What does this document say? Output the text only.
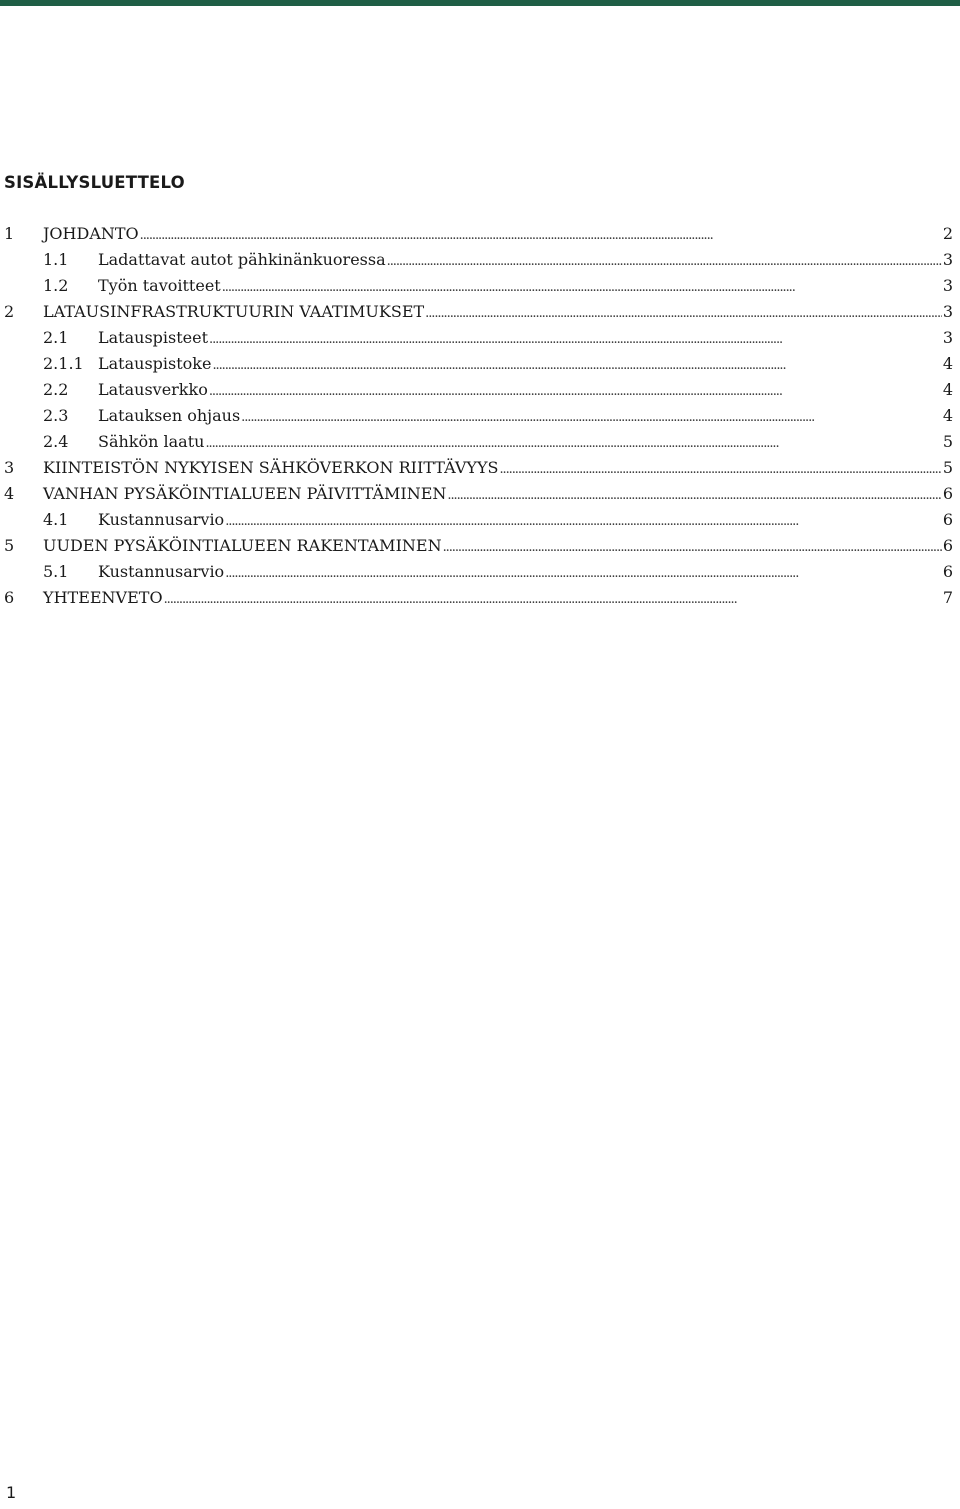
SISÄLLYSLUETTELO
1 JOHDANTO . . .	2
1.1 Ladattavat autot pähkinänkuoressa . . .	3
1.2 Työn tavoitteet . . .	3
2 LATAUSINFRASTRUKTUURIN VAATIMUKSET . . .	3
2.1 Latauspisteet . . .	3
2.1.1 Latauspistoke . . .	4
2.2 Latausverkko . . .	4
2.3 Latauksen ohjaus . . .	4
2.4 Sähkön laatu . . .	5
3 KIINTEISTÖN NYKYISEN SÄHKÖVERKON RIITTÄVYYS . . .	5
4 VANHAN PYSÄKÖINTIALUEEN PÄIVITTÄMINEN . . .	6
4.1 Kustannusarvio . . .	6
5 UUDEN PYSÄKÖINTIALUEEN RAKENTAMINEN . . .	6
5.1 Kustannusarvio . . .	6
6 YHTEENVETO . . .	7
1
